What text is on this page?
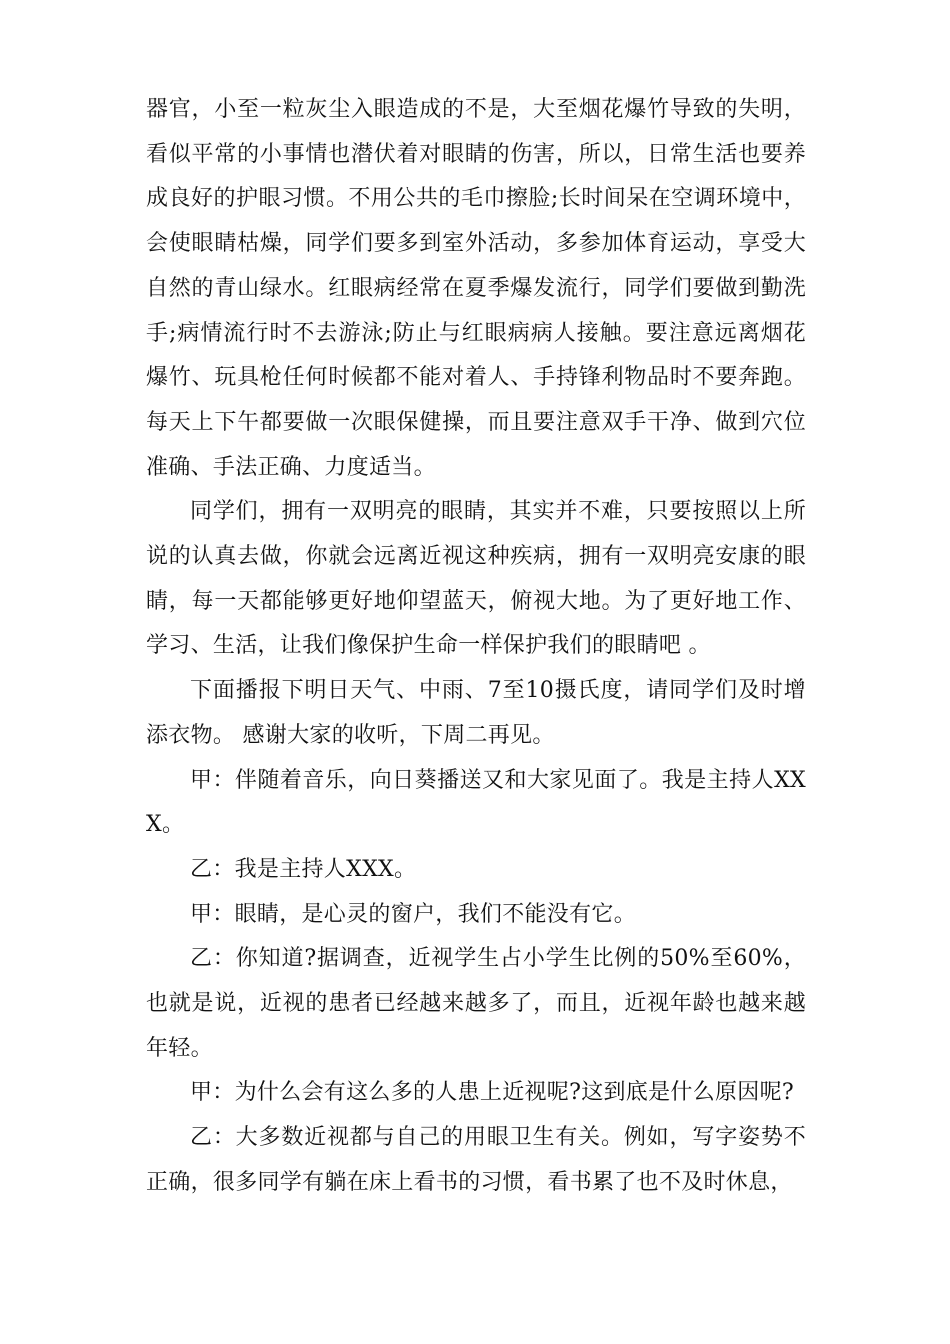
器官，小至一粒灰尘入眼造成的不是，大至烟花爆竹导致的失明，看似平常的小事情也潜伏着对眼睛的伤害，所以，日常生活也要养成良好的护眼习惯。不用公共的毛巾擦脸;长时间呆在空调环境中，会使眼睛枯燥，同学们要多到室外活动，多参加体育运动，享受大自然的青山绿水。红眼病经常在夏季爆发流行，同学们要做到勤洗手;病情流行时不去游泳;防止与红眼病病人接触。要注意远离烟花爆竹、玩具枪任何时候都不能对着人、手持锋利物品时不要奔跑。每天上下午都要做一次眼保健操，而且要注意双手干净、做到穴位准确、手法正确、力度适当。

同学们，拥有一双明亮的眼睛，其实并不难，只要按照以上所说的认真去做，你就会远离近视这种疾病，拥有一双明亮安康的眼睛，每一天都能够更好地仰望蓝天，俯视大地。为了更好地工作、学习、生活，让我们像保护生命一样保护我们的眼睛吧 。

下面播报下明日天气、中雨、7至10摄氏度，请同学们及时增添衣物。 感谢大家的收听，下周二再见。

甲：伴随着音乐，向日葵播送又和大家见面了。我是主持人XXX。

乙：我是主持人XXX。

甲：眼睛，是心灵的窗户，我们不能没有它。

乙：你知道?据调查，近视学生占小学生比例的50%至60%，也就是说，近视的患者已经越来越多了，而且，近视年龄也越来越年轻。

甲：为什么会有这么多的人患上近视呢?这到底是什么原因呢?

乙：大多数近视都与自己的用眼卫生有关。例如，写字姿势不正确，很多同学有躺在床上看书的习惯，看书累了也不及时休息，
